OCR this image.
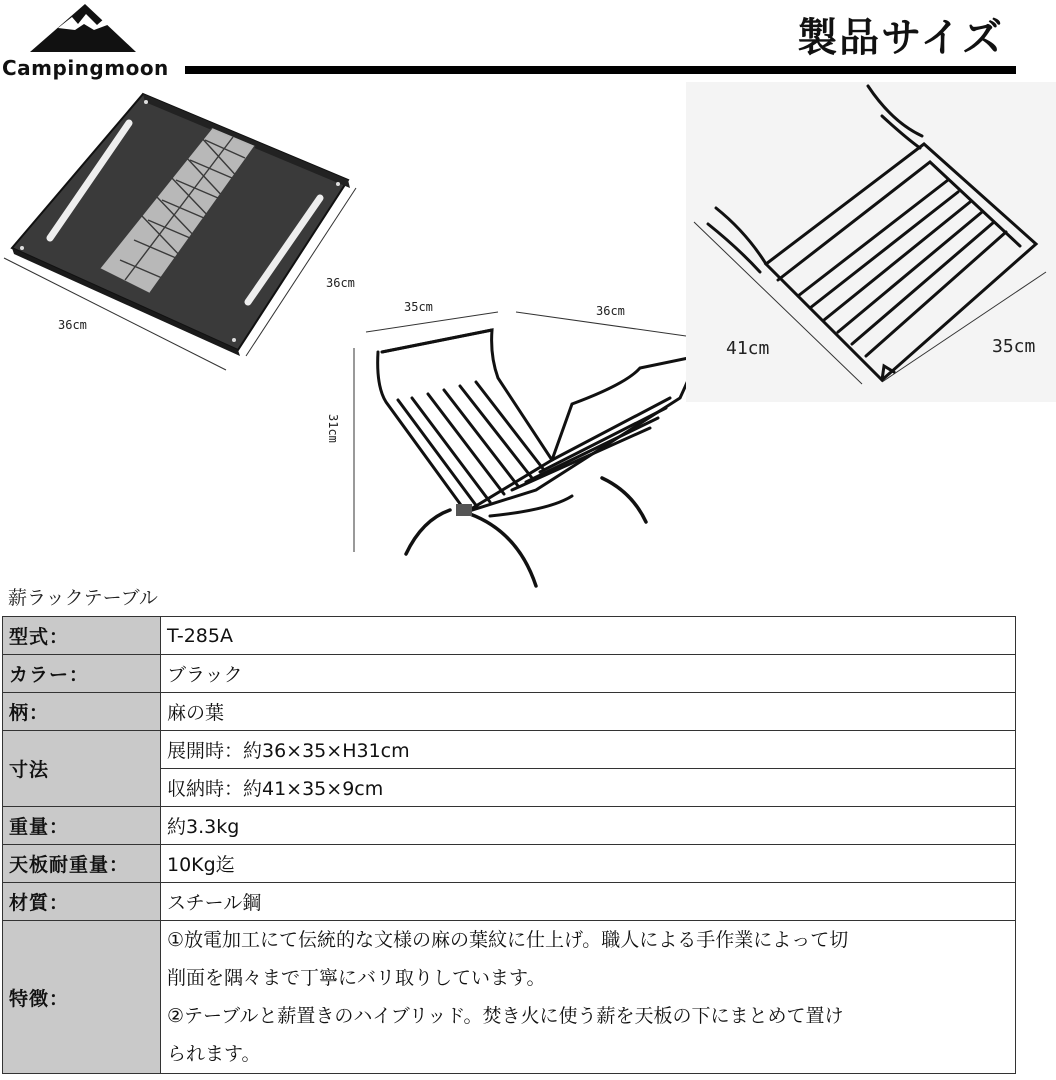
Campingmoon
製品サイズ
36cm
36cm
35cm	36cm
31cm
41cm	35cm
薪ラックテーブル
型式：	T-285A
カラー：	ブラック
柄：	麻の葉
寸法	展開時：約36×35×H31cm
	収納時：約41×35×9cm
重量：	約3.3kg
天板耐重量：	10Kg迄
材質：	スチール鋼
特徴：	①放電加工にて伝統的な文様の麻の葉紋に仕上げ。職人による手作業によって切
削面を隅々まで丁寧にバリ取りしています。
②テーブルと薪置きのハイブリッド。焚き火に使う薪を天板の下にまとめて置け
られます。
